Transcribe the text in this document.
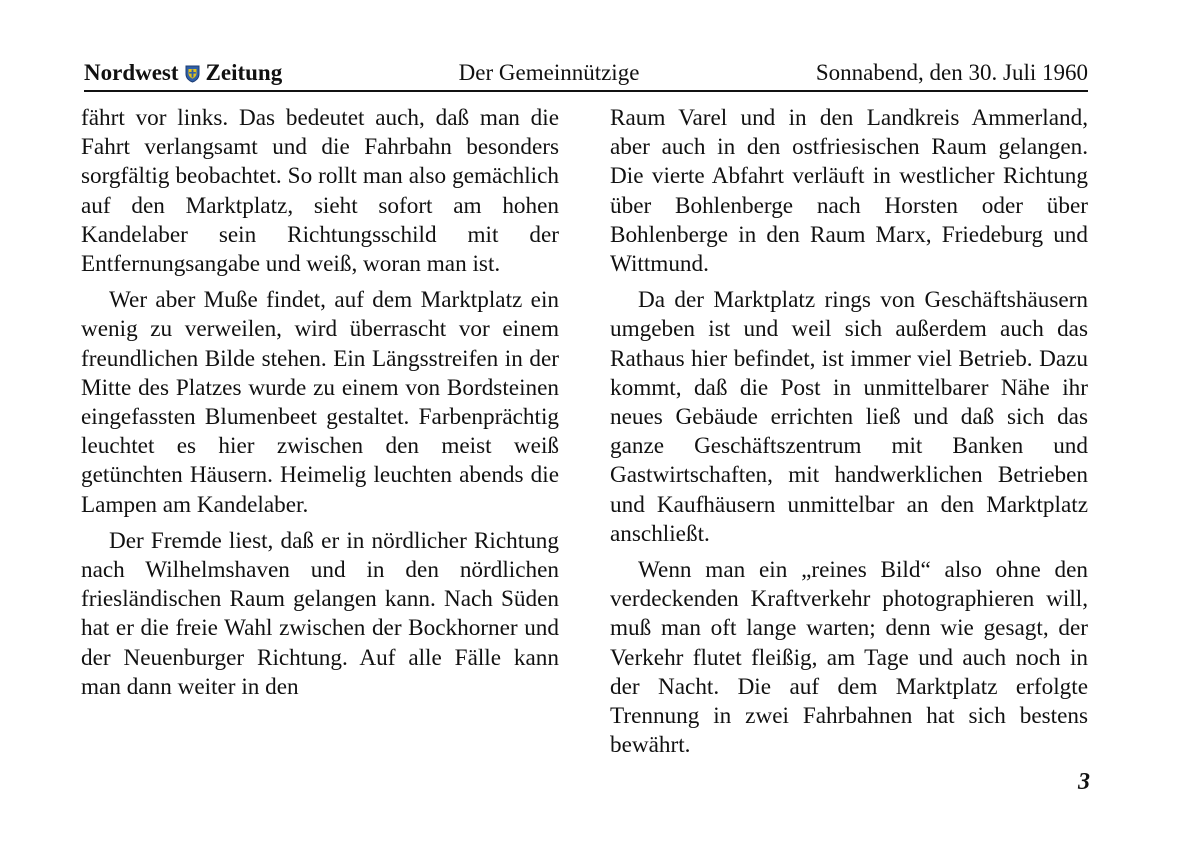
Nordwest Zeitung	Der Gemeinnützige	Sonnabend, den 30. Juli 1960

fährt vor links. Das bedeutet auch, daß man die Fahrt verlangsamt und die Fahrbahn besonders sorgfältig beobachtet. So rollt man also gemächlich auf den Marktplatz, sieht sofort am hohen Kandelaber sein Richtungsschild mit der Entfernungsangabe und weiß, woran man ist.

Wer aber Muße findet, auf dem Marktplatz ein wenig zu verweilen, wird überrascht vor einem freundlichen Bilde stehen. Ein Längsstreifen in der Mitte des Platzes wurde zu einem von Bordsteinen eingefassten Blumenbeet gestaltet. Farbenprächtig leuchtet es hier zwischen den meist weiß getünchten Häusern. Heimelig leuchten abends die Lampen am Kandelaber.

Der Fremde liest, daß er in nördlicher Richtung nach Wilhelmshaven und in den nördlichen friesländischen Raum gelangen kann. Nach Süden hat er die freie Wahl zwischen der Bockhorner und der Neuenburger Richtung. Auf alle Fälle kann man dann weiter in den

Raum Varel und in den Landkreis Ammerland, aber auch in den ostfriesischen Raum gelangen. Die vierte Abfahrt verläuft in westlicher Richtung über Bohlenberge nach Horsten oder über Bohlenberge in den Raum Marx, Friedeburg und Wittmund.

Da der Marktplatz rings von Geschäftshäusern umgeben ist und weil sich außerdem auch das Rathaus hier befindet, ist immer viel Betrieb. Dazu kommt, daß die Post in unmittelbarer Nähe ihr neues Gebäude errichten ließ und daß sich das ganze Geschäftszentrum mit Banken und Gastwirtschaften, mit handwerklichen Betrieben und Kaufhäusern unmittelbar an den Marktplatz anschließt.

Wenn man ein „reines Bild“ also ohne den verdeckenden Kraftverkehr photographieren will, muß man oft lange warten; denn wie gesagt, der Verkehr flutet fleißig, am Tage und auch noch in der Nacht. Die auf dem Marktplatz erfolgte Trennung in zwei Fahrbahnen hat sich bestens bewährt.

3
